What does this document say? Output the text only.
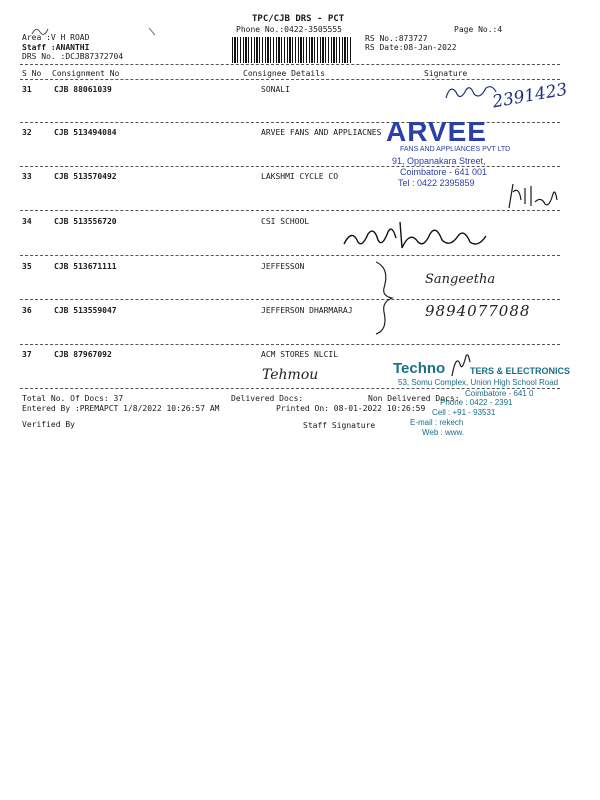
TPC/CJB DRS - PCT
Phone No.:0422-3505555	Page No.:4
Area :V H ROAD
Staff :ANANTHI
DRS No. :DCJB87372704
RS No.:873727
RS Date:08-Jan-2022
S No Consignment No	Consignee Details	Signature
31	CJB 88061039	SONALI
32	CJB 513494084	ARVEE FANS AND APPLIACNES
33	CJB 513570492	LAKSHMI CYCLE CO
34	CJB 513556720	CSI SCHOOL
35	CJB 513671111	JEFFESSON
36	CJB 513559047	JEFFERSON DHARMARAJ
37	CJB 87967092	ACM STORES NLCIL
ARVEE
FANS AND APPLIANCES PVT LTD
91, Oppanakara Street,
Coimbatore - 641 001
Tel : 0422 2395859
Techno	TERS & ELECTRONICS
53, Somu Complex, Union High School Road
Coimbatore - 641 0
Phone : 0422 - 2391
Cell : +91 - 93531
E-mail : rekech
Web : www.
2391423
Sangeetha
9894077088
Tehmou
Total No. Of Docs: 37	Delivered Docs:	Non Delivered Docs:
Entered By :PREMAPCT 1/8/2022 10:26:57 AM	Printed On: 08-01-2022 10:26:59
Verified By	Staff Signature
